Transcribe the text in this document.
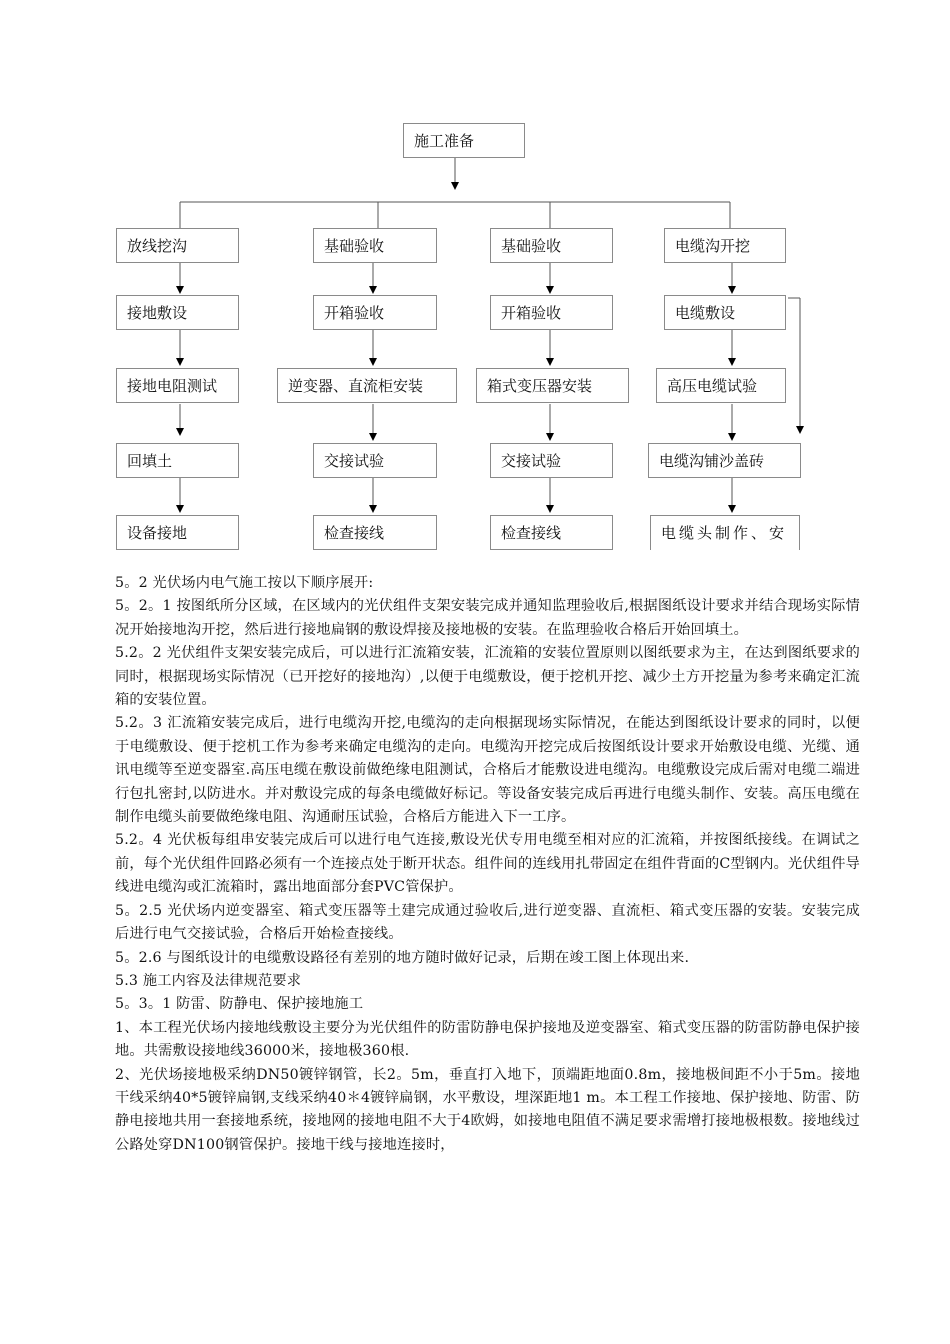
施工准备
放线挖沟
接地敷设
接地电阻测试
回填土
设备接地
基础验收
开箱验收
逆变器、直流柜安装
交接试验
检查接线
基础验收
开箱验收
箱式变压器安装
交接试验
检查接线
电缆沟开挖
电缆敷设
高压电缆试验
电缆沟铺沙盖砖
电缆头制作、安

5。2 光伏场内电气施工按以下顺序展开:

5。2。1 按图纸所分区域，在区域内的光伏组件支架安装完成并通知监理验收后,根据图纸设计要求并结合现场实际情况开始接地沟开挖，然后进行接地扁钢的敷设焊接及接地极的安装。在监理验收合格后开始回填土。

5.2。2 光伏组件支架安装完成后，可以进行汇流箱安装，汇流箱的安装位置原则以图纸要求为主，在达到图纸要求的同时，根据现场实际情况（已开挖好的接地沟）,以便于电缆敷设，便于挖机开挖、减少土方开挖量为参考来确定汇流箱的安装位置。

5.2。3 汇流箱安装完成后，进行电缆沟开挖,电缆沟的走向根据现场实际情况，在能达到图纸设计要求的同时，以便于电缆敷设、便于挖机工作为参考来确定电缆沟的走向。电缆沟开挖完成后按图纸设计要求开始敷设电缆、光缆、通讯电缆等至逆变器室.高压电缆在敷设前做绝缘电阻测试，合格后才能敷设进电缆沟。电缆敷设完成后需对电缆二端进行包扎密封,以防进水。并对敷设完成的每条电缆做好标记。等设备安装完成后再进行电缆头制作、安装。高压电缆在制作电缆头前要做绝缘电阻、沟通耐压试验，合格后方能进入下一工序。

5.2。4 光伏板每组串安装完成后可以进行电气连接,敷设光伏专用电缆至相对应的汇流箱，并按图纸接线。在调试之前，每个光伏组件回路必须有一个连接点处于断开状态。组件间的连线用扎带固定在组件背面的C型钢内。光伏组件导线进电缆沟或汇流箱时，露出地面部分套PVC管保护。

5。2.5 光伏场内逆变器室、箱式变压器等土建完成通过验收后,进行逆变器、直流柜、箱式变压器的安装。安装完成后进行电气交接试验，合格后开始检查接线。

5。2.6 与图纸设计的电缆敷设路径有差别的地方随时做好记录，后期在竣工图上体现出来.

5.3 施工内容及法律规范要求

5。3。1 防雷、防静电、保护接地施工

1、本工程光伏场内接地线敷设主要分为光伏组件的防雷防静电保护接地及逆变器室、箱式变压器的防雷防静电保护接地。共需敷设接地线36000米，接地极360根.

2、光伏场接地极采纳DN50镀锌钢管，长2。5m，垂直打入地下，顶端距地面0.8m，接地极间距不小于5m。接地干线采纳40*5镀锌扁钢,支线采纳40＊4镀锌扁钢，水平敷设，埋深距地1 m。本工程工作接地、保护接地、防雷、防静电接地共用一套接地系统，接地网的接地电阻不大于4欧姆，如接地电阻值不满足要求需增打接地极根数。接地线过公路处穿DN100钢管保护。接地干线与接地连接时，
